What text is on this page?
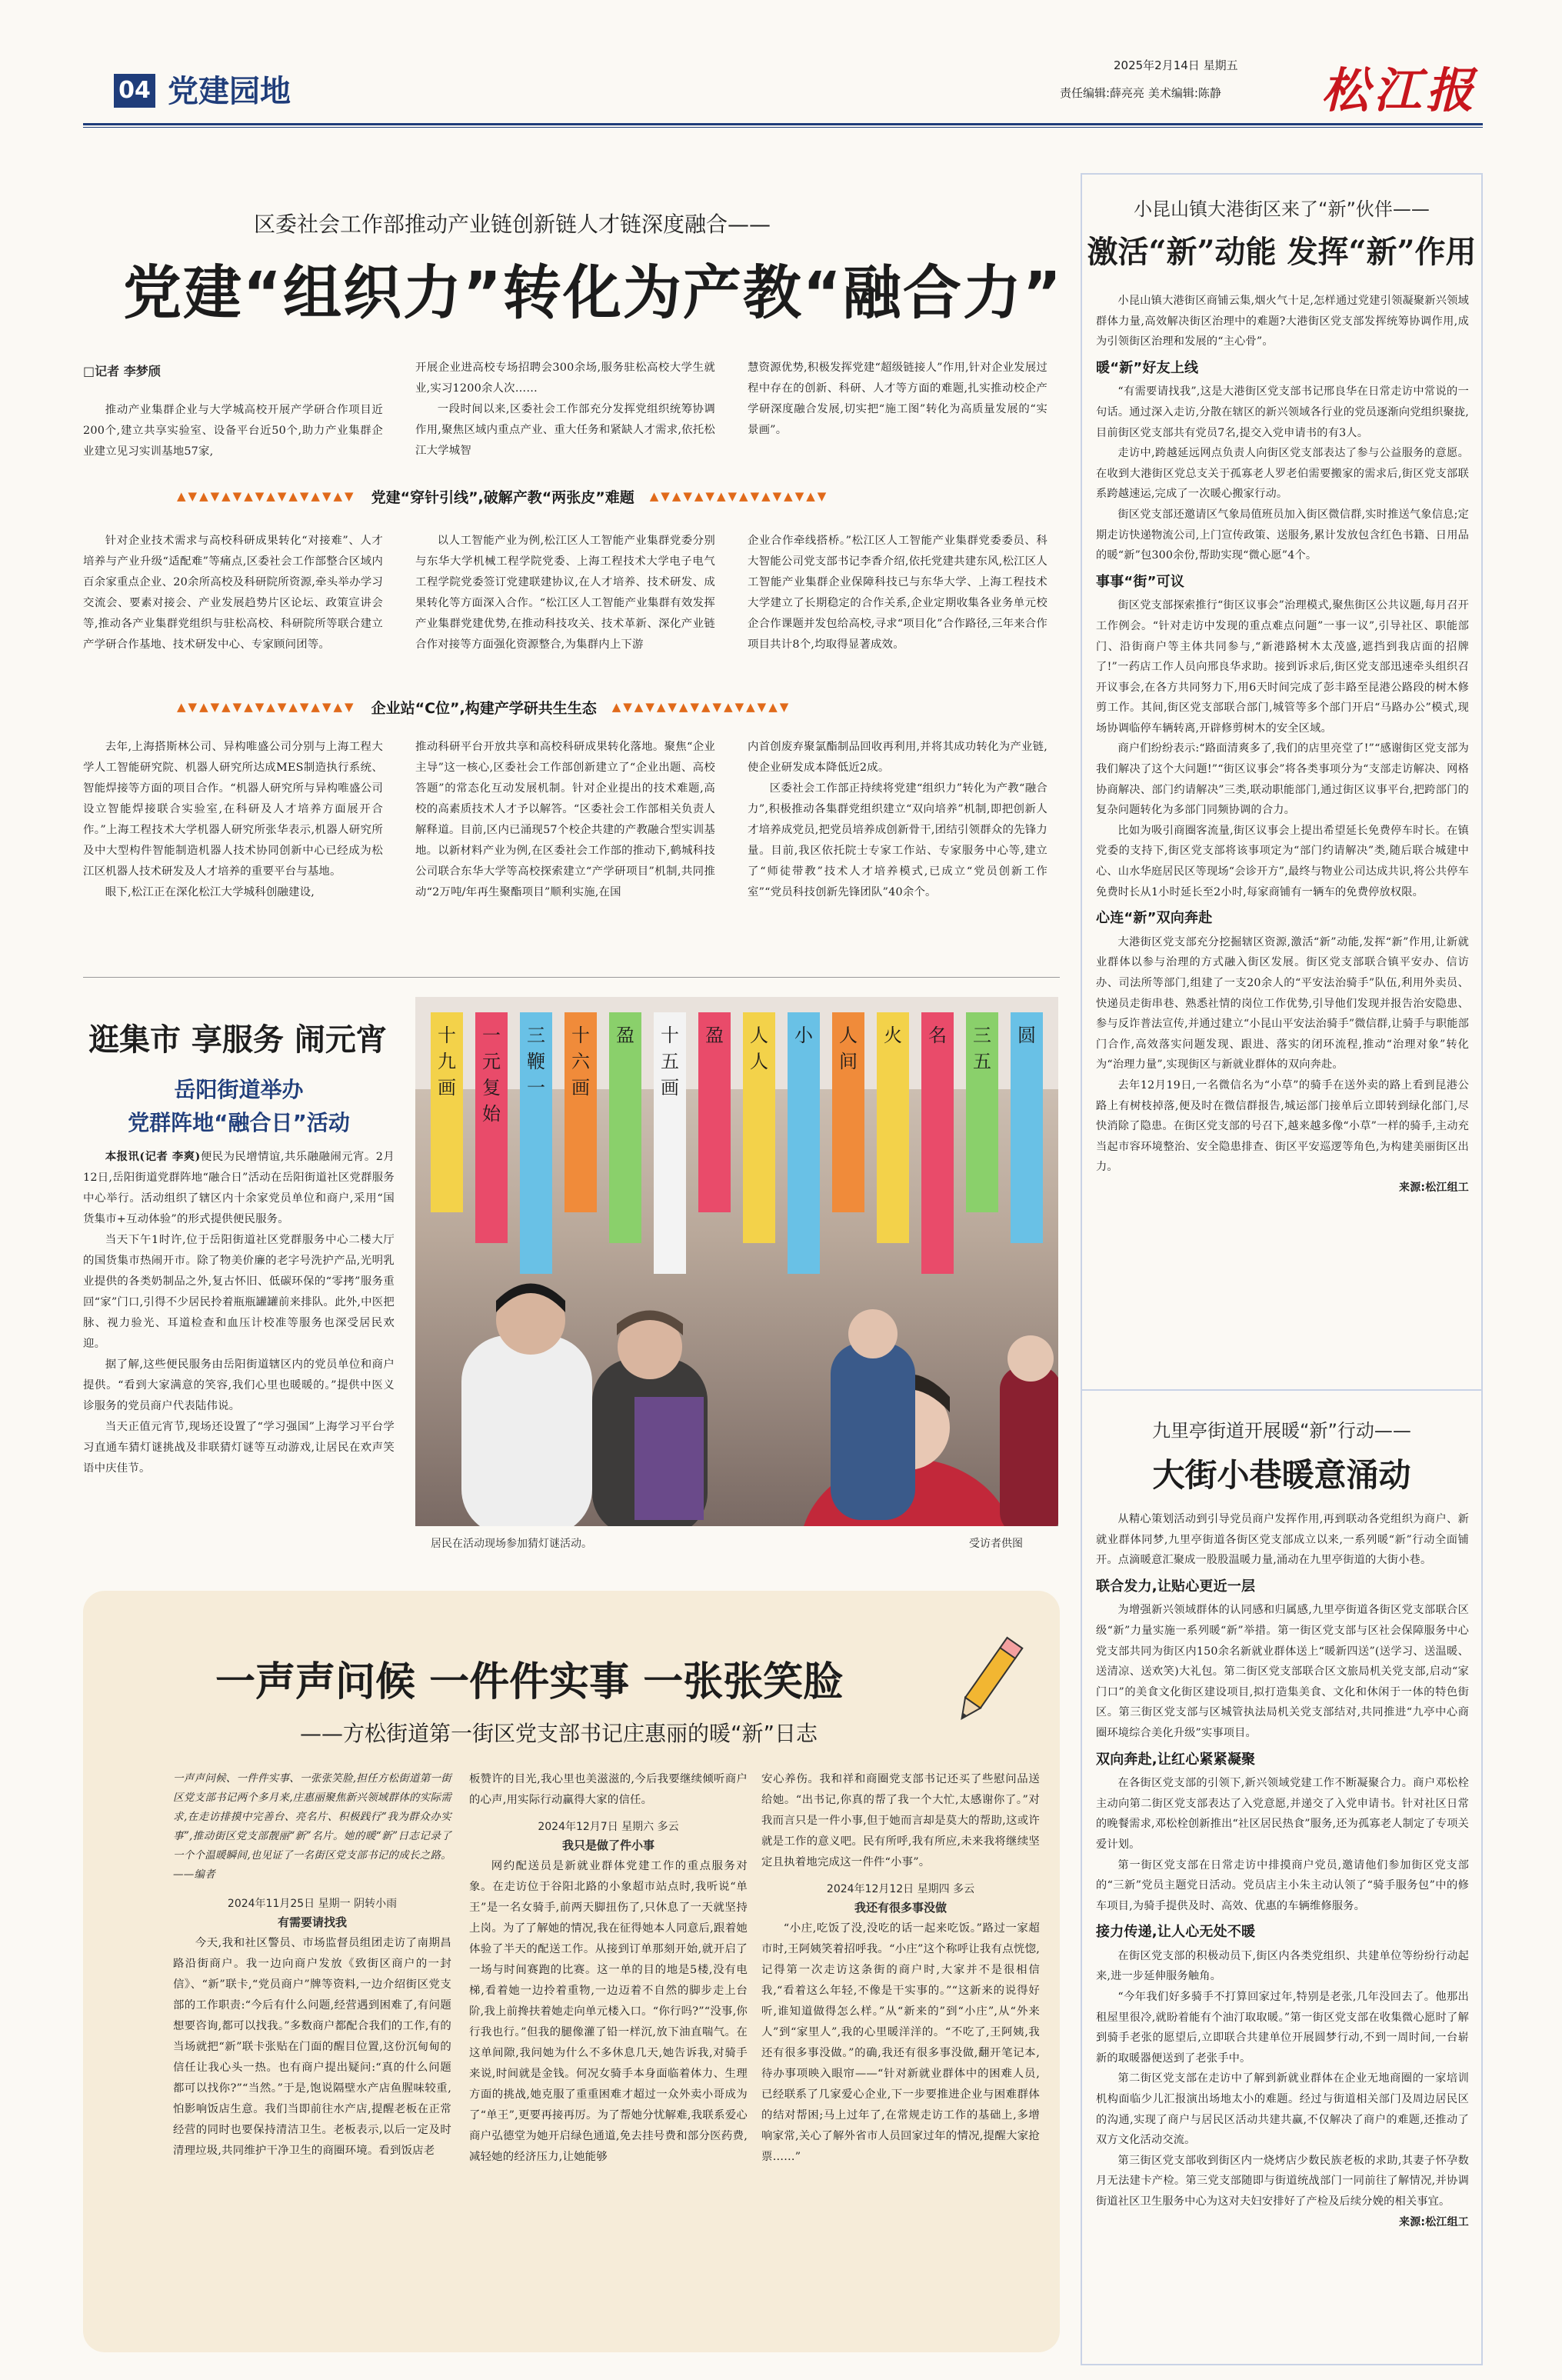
04 党建园地
2025年2月14日 星期五
责任编辑:薛亮亮 美术编辑:陈静 松江报
区委社会工作部推动产业链创新链人才链深度融合——
党建“组织力”转化为产教“融合力”
□记者 李梦颀

推动产业集群企业与大学城高校开展产学研合作项目近200个,建立共享实验室、设备平台近50个,助力产业集群企业建立见习实训基地57家,

开展企业进高校专场招聘会300余场,服务驻松高校大学生就业,实习1200余人次……

一段时间以来,区委社会工作部充分发挥党组织统筹协调作用,聚焦区域内重点产业、重大任务和紧缺人才需求,依托松江大学城智

慧资源优势,积极发挥党建“超级链接人”作用,针对企业发展过程中存在的创新、科研、人才等方面的难题,扎实推动校企产学研深度融合发展,切实把“施工图”转化为高质量发展的“实景画”。

▲▼▲▼▲▼▲▼▲▼▲▼▲▼▲▼ 党建“穿针引线”,破解产教“两张皮”难题 ▲▼▲▼▲▼▲▼▲▼▲▼▲▼▲▼

针对企业技术需求与高校科研成果转化“对接难”、人才培养与产业升级“适配难”等痛点,区委社会工作部整合区域内百余家重点企业、20余所高校及科研院所资源,牵头举办学习交流会、要素对接会、产业发展趋势片区论坛、政策宣讲会等,推动各产业集群党组织与驻松高校、科研院所等联合建立产学研合作基地、技术研发中心、专家顾问团等。

以人工智能产业为例,松江区人工智能产业集群党委分别与东华大学机械工程学院党委、上海工程技术大学电子电气工程学院党委签订党建联建协议,在人才培养、技术研发、成果转化等方面深入合作。“松江区人工智能产业集群有效发挥产业集群党建优势,在推动科技攻关、技术革新、深化产业链合作对接等方面强化资源整合,为集群内上下游

企业合作牵线搭桥。”松江区人工智能产业集群党委委员、科大智能公司党支部书记李香介绍,依托党建共建东风,松江区人工智能产业集群企业保障科技已与东华大学、上海工程技术大学建立了长期稳定的合作关系,企业定期收集各业务单元校企合作课题并发包给高校,寻求“项目化”合作路径,三年来合作项目共计8个,均取得显著成效。

▲▼▲▼▲▼▲▼▲▼▲▼▲▼▲▼ 企业站“C位”,构建产学研共生生态 ▲▼▲▼▲▼▲▼▲▼▲▼▲▼▲▼

去年,上海搭斯林公司、异构唯盛公司分别与上海工程大学人工智能研究院、机器人研究所达成MES制造执行系统、智能焊接等方面的项目合作。“机器人研究所与异构唯盛公司设立智能焊接联合实验室,在科研及人才培养方面展开合作。”上海工程技术大学机器人研究所张华表示,机器人研究所及中大型构件智能制造机器人技术协同创新中心已经成为松江区机器人技术研发及人才培养的重要平台与基地。

眼下,松江正在深化松江大学城科创融建设,

推动科研平台开放共享和高校科研成果转化落地。聚焦“企业主导”这一核心,区委社会工作部创新建立了“企业出题、高校答题”的常态化互动发展机制。针对企业提出的技术难题,高校的高素质技术人才予以解答。“区委社会工作部相关负责人解释道。目前,区内已涌现57个校企共建的产教融合型实训基地。以新材料产业为例,在区委社会工作部的推动下,鹤城科技公司联合东华大学等高校探索建立“产学研项目”机制,共同推动“2万吨/年再生聚酯项目”顺利实施,在国

内首创废弃聚氯酯制品回收再利用,并将其成功转化为产业链,使企业研发成本降低近2成。

区委社会工作部正持续将党建“组织力”转化为产教“融合力”,积极推动各集群党组织建立“双向培养”机制,即把创新人才培养成党员,把党员培养成创新骨干,团结引领群众的先锋力量。目前,我区依托院士专家工作站、专家服务中心等,建立了“师徒带教”技术人才培养模式,已成立“党员创新工作室”“党员科技创新先锋团队”40余个。

逛集市 享服务 闹元宵
岳阳街道举办
党群阵地“融合日”活动

本报讯(记者 李爽)便民为民增情谊,共乐融融闹元宵。2月12日,岳阳街道党群阵地“融合日”活动在岳阳街道社区党群服务中心举行。活动组织了辖区内十余家党员单位和商户,采用“国货集市+互动体验”的形式提供便民服务。

当天下午1时许,位于岳阳街道社区党群服务中心二楼大厅的国货集市热闹开市。除了物美价廉的老字号洗护产品,光明乳业提供的各类奶制品之外,复古怀旧、低碳环保的“零拷”服务重回“家”门口,引得不少居民拎着瓶瓶罐罐前来排队。此外,中医把脉、视力验光、耳道检查和血压计校准等服务也深受居民欢迎。

据了解,这些便民服务由岳阳街道辖区内的党员单位和商户提供。“看到大家满意的笑容,我们心里也暖暖的。”提供中医义诊服务的党员商户代表陆伟说。

当天正值元宵节,现场还设置了“学习强国”上海学习平台学习直通车猜灯谜挑战及非联猜灯谜等互动游戏,让居民在欢声笑语中庆佳节。

十
九
画
一
元
复
始
三
鞭
一
十
六
画
盈 十
五
画
盈 人
人
小 人
间
火 名 三
五
圆
居民在活动现场参加猜灯谜活动。	受访者供图
一声声问候 一件件实事 一张张笑脸
——方松街道第一街区党支部书记庄惠丽的暖“新”日志
一声声问候、一件件实事、一张张笑脸,担任方松街道第一街区党支部书记两个多月来,庄惠丽聚焦新兴领域群体的实际需求,在走访排摸中完善台、亮名片、积极践行“我为群众办实事”,推动街区党支部靓丽“新”名片。她的暖“新”日志记录了一个个温暖瞬间,也见证了一名街区党支部书记的成长之路。——编者
2024年11月25日 星期一 阴转小雨
有需要请找我

今天,我和社区警员、市场监督员组团走访了南期昌路沿街商户。我一边向商户发放《致街区商户的一封信》、“新”联卡,“党员商户”牌等资料,一边介绍街区党支部的工作职责:“今后有什么问题,经营遇到困难了,有问题想要咨询,都可以找我。”多数商户都配合我们的工作,有的当场就把“新”联卡张贴在门面的醒目位置,这份沉甸甸的信任让我心头一热。也有商户提出疑问:“真的什么问题都可以找你?”“当然。”于是,饱说隔壁水产店鱼腥味较重,怕影响饭店生意。我们当即前往水产店,提醒老板在正常经营的同时也要保持清洁卫生。老板表示,以后一定及时清理垃圾,共同维护干净卫生的商圈环境。看到饭店老

板赞许的目光,我心里也美滋滋的,今后我要继续倾听商户的心声,用实际行动赢得大家的信任。

2024年12月7日 星期六 多云
我只是做了件小事

网约配送员是新就业群体党建工作的重点服务对象。在走访位于谷阳北路的小象超市站点时,我听说“单王”是一名女骑手,前两天脚扭伤了,只休息了一天就坚持上岗。为了了解她的情况,我在征得她本人同意后,跟着她体验了半天的配送工作。从接到订单那刻开始,就开启了一场与时间赛跑的比赛。这一单的目的地是5楼,没有电梯,看着她一边拎着重物,一边迈着不自然的脚步走上台阶,我上前搀扶着她走向单元楼入口。“你行吗?”“没事,你行我也行。”但我的腿像灌了铅一样沉,放下油直喘气。在这单间隙,我问她为什么不多休息几天,她告诉我,对骑手来说,时间就是金钱。何况女骑手本身面临着体力、生理方面的挑战,她克服了重重困难才超过一众外卖小哥成为了“单王”,更要再接再厉。为了帮她分忧解难,我联系爱心商户弘德堂为她开启绿色通道,免去挂号费和部分医药费,减轻她的经济压力,让她能够

安心养伤。我和祥和商圈党支部书记还买了些慰问品送给她。“出书记,你真的帮了我一个大忙,太感谢你了。”对我而言只是一件小事,但于她而言却是莫大的帮助,这或许就是工作的意义吧。民有所呼,我有所应,未来我将继续坚定且执着地完成这一件件“小事”。

2024年12月12日 星期四 多云
我还有很多事没做

“小庄,吃饭了没,没吃的话一起来吃饭。”路过一家超市时,王阿姨笑着招呼我。“小庄”这个称呼让我有点恍惚,记得第一次走访这条街的商户时,大家并不是很相信我,“看着这么年轻,不像是干实事的。”“这新来的说得好听,谁知道做得怎么样。”从“新来的”到“小庄”,从“外来人”到“家里人”,我的心里暖洋洋的。“不吃了,王阿姨,我还有很多事没做。”的确,我还有很多事没做,翻开笔记本,待办事项映入眼帘——“针对新就业群体中的困难人员,已经联系了几家爱心企业,下一步要推进企业与困难群体的结对帮困;马上过年了,在常规走访工作的基础上,多增响家常,关心了解外省市人员回家过年的情况,提醒大家抢票……”

小昆山镇大港街区来了“新”伙伴——
激活“新”动能 发挥“新”作用

小昆山镇大港街区商铺云集,烟火气十足,怎样通过党建引领凝聚新兴领域群体力量,高效解决街区治理中的难题?大港街区党支部发挥统筹协调作用,成为引领街区治理和发展的“主心骨”。

暖“新”好友上线

“有需要请找我”,这是大港街区党支部书记邢良华在日常走访中常说的一句话。通过深入走访,分散在辖区的新兴领域各行业的党员逐渐向党组织聚拢,目前街区党支部共有党员7名,提交入党申请书的有3人。

走访中,跨越延远网点负责人向街区党支部表达了参与公益服务的意愿。在收到大港街区党总支关于孤寡老人罗老伯需要搬家的需求后,街区党支部联系跨越速运,完成了一次暖心搬家行动。

街区党支部还邀请区气象局值班员加入街区微信群,实时推送气象信息;定期走访快递物流公司,上门宣传政策、送服务,累计发放包含红色书籍、日用品的暖“新”包300余份,帮助实现“微心愿”4个。

事事“街”可议

街区党支部探索推行“街区议事会”治理模式,聚焦街区公共议题,每月召开工作例会。“针对走访中发现的重点难点问题”一事一议”,引导社区、职能部门、沿街商户等主体共同参与,“新港路树木太茂盛,遮挡到我店面的招牌了!”一药店工作人员向邢良华求助。接到诉求后,街区党支部迅速牵头组织召开议事会,在各方共同努力下,用6天时间完成了彭丰路至昆港公路段的树木修剪工作。其间,街区党支部联合部门,城管等多个部门开启“马路办公”模式,现场协调临停车辆转离,开辟修剪树木的安全区域。

商户们纷纷表示:“路面清爽多了,我们的店里亮堂了!”“感谢街区党支部为我们解决了这个大问题!”“街区议事会”将各类事项分为“支部走访解决、网格协商解决、部门约请解决”三类,联动职能部门,通过街区议事平台,把跨部门的复杂问题转化为多部门同频协调的合力。

比如为吸引商圈客流量,街区议事会上提出希望延长免费停车时长。在镇党委的支持下,街区党支部将该事项定为“部门约请解决”类,随后联合城建中心、山水华庭居民区等现场“会诊开方”,最终与物业公司达成共识,将公共停车免费时长从1小时延长至2小时,每家商铺有一辆车的免费停放权限。

心连“新”双向奔赴

大港街区党支部充分挖掘辖区资源,激活“新”动能,发挥“新”作用,让新就业群体以参与治理的方式融入街区发展。街区党支部联合镇平安办、信访办、司法所等部门,组建了一支20余人的“平安法治骑手”队伍,利用外卖员、快递员走街串巷、熟悉社情的岗位工作优势,引导他们发现并报告治安隐患、参与反诈普法宣传,并通过建立“小昆山平安法治骑手”微信群,让骑手与职能部门合作,高效落实问题发现、跟进、落实的闭环流程,推动“治理对象”转化为“治理力量”,实现街区与新就业群体的双向奔赴。

去年12月19日,一名微信名为“小草”的骑手在送外卖的路上看到昆港公路上有树枝掉落,便及时在微信群报告,城运部门接单后立即转到绿化部门,尽快消除了隐患。在街区党支部的号召下,越来越多像“小草”一样的骑手,主动充当起市容环境整治、安全隐患排查、街区平安巡逻等角色,为构建美丽街区出力。

来源:松江组工
九里亭街道开展暖“新”行动——
大街小巷暖意涌动

从精心策划活动到引导党员商户发挥作用,再到联动各党组织为商户、新就业群体同梦,九里亭街道各街区党支部成立以来,一系列暖“新”行动全面铺开。点滴暖意汇聚成一股股温暖力量,涌动在九里亭街道的大街小巷。

联合发力,让贴心更近一层

为增强新兴领域群体的认同感和归属感,九里亭街道各街区党支部联合区级“新”力量实施一系列暖“新”举措。第一街区党支部与区社会保障服务中心党支部共同为街区内150余名新就业群体送上“暖新四送”(送学习、送温暖、送清凉、送欢笑)大礼包。第二街区党支部联合区文旅局机关党支部,启动“家门口”的美食文化街区建设项目,拟打造集美食、文化和休闲于一体的特色街区。第三街区党支部与区城管执法局机关党支部结对,共同推进“九亭中心商圈环境综合美化升级”实事项目。

双向奔赴,让红心紧紧凝聚

在各街区党支部的引领下,新兴领域党建工作不断凝聚合力。商户邓松栓主动向第二街区党支部表达了入党意愿,并递交了入党申请书。针对社区日常的晚餐需求,邓松栓创新推出“社区居民热食”服务,还为孤寡老人制定了专项关爱计划。

第一街区党支部在日常走访中排摸商户党员,邀请他们参加街区党支部的“三新”党员主题党日活动。党员店主小朱主动认领了“骑手服务包”中的修车项目,为骑手提供及时、高效、优惠的车辆维修服务。

接力传递,让人心无处不暖

在街区党支部的积极动员下,街区内各类党组织、共建单位等纷纷行动起来,进一步延伸服务触角。

“今年我们好多骑手不打算回家过年,特别是老张,几年没回去了。他那出租屋里很冷,就盼着能有个油汀取取暖。”第一街区党支部在收集微心愿时了解到骑手老张的愿望后,立即联合共建单位开展圆梦行动,不到一周时间,一台崭新的取暖器便送到了老张手中。

第二街区党支部在走访中了解到新就业群体在企业无地商圈的一家培训机构面临少儿汇报演出场地太小的难题。经过与街道相关部门及周边居民区的沟通,实现了商户与居民区活动共建共赢,不仅解决了商户的难题,还推动了双方文化活动交流。

第三街区党支部收到街区内一烧烤店少数民族老板的求助,其妻子怀孕数月无法建卡产检。第三党支部随即与街道统战部门一同前往了解情况,并协调街道社区卫生服务中心为这对夫妇安排好了产检及后续分娩的相关事宜。

来源:松江组工
